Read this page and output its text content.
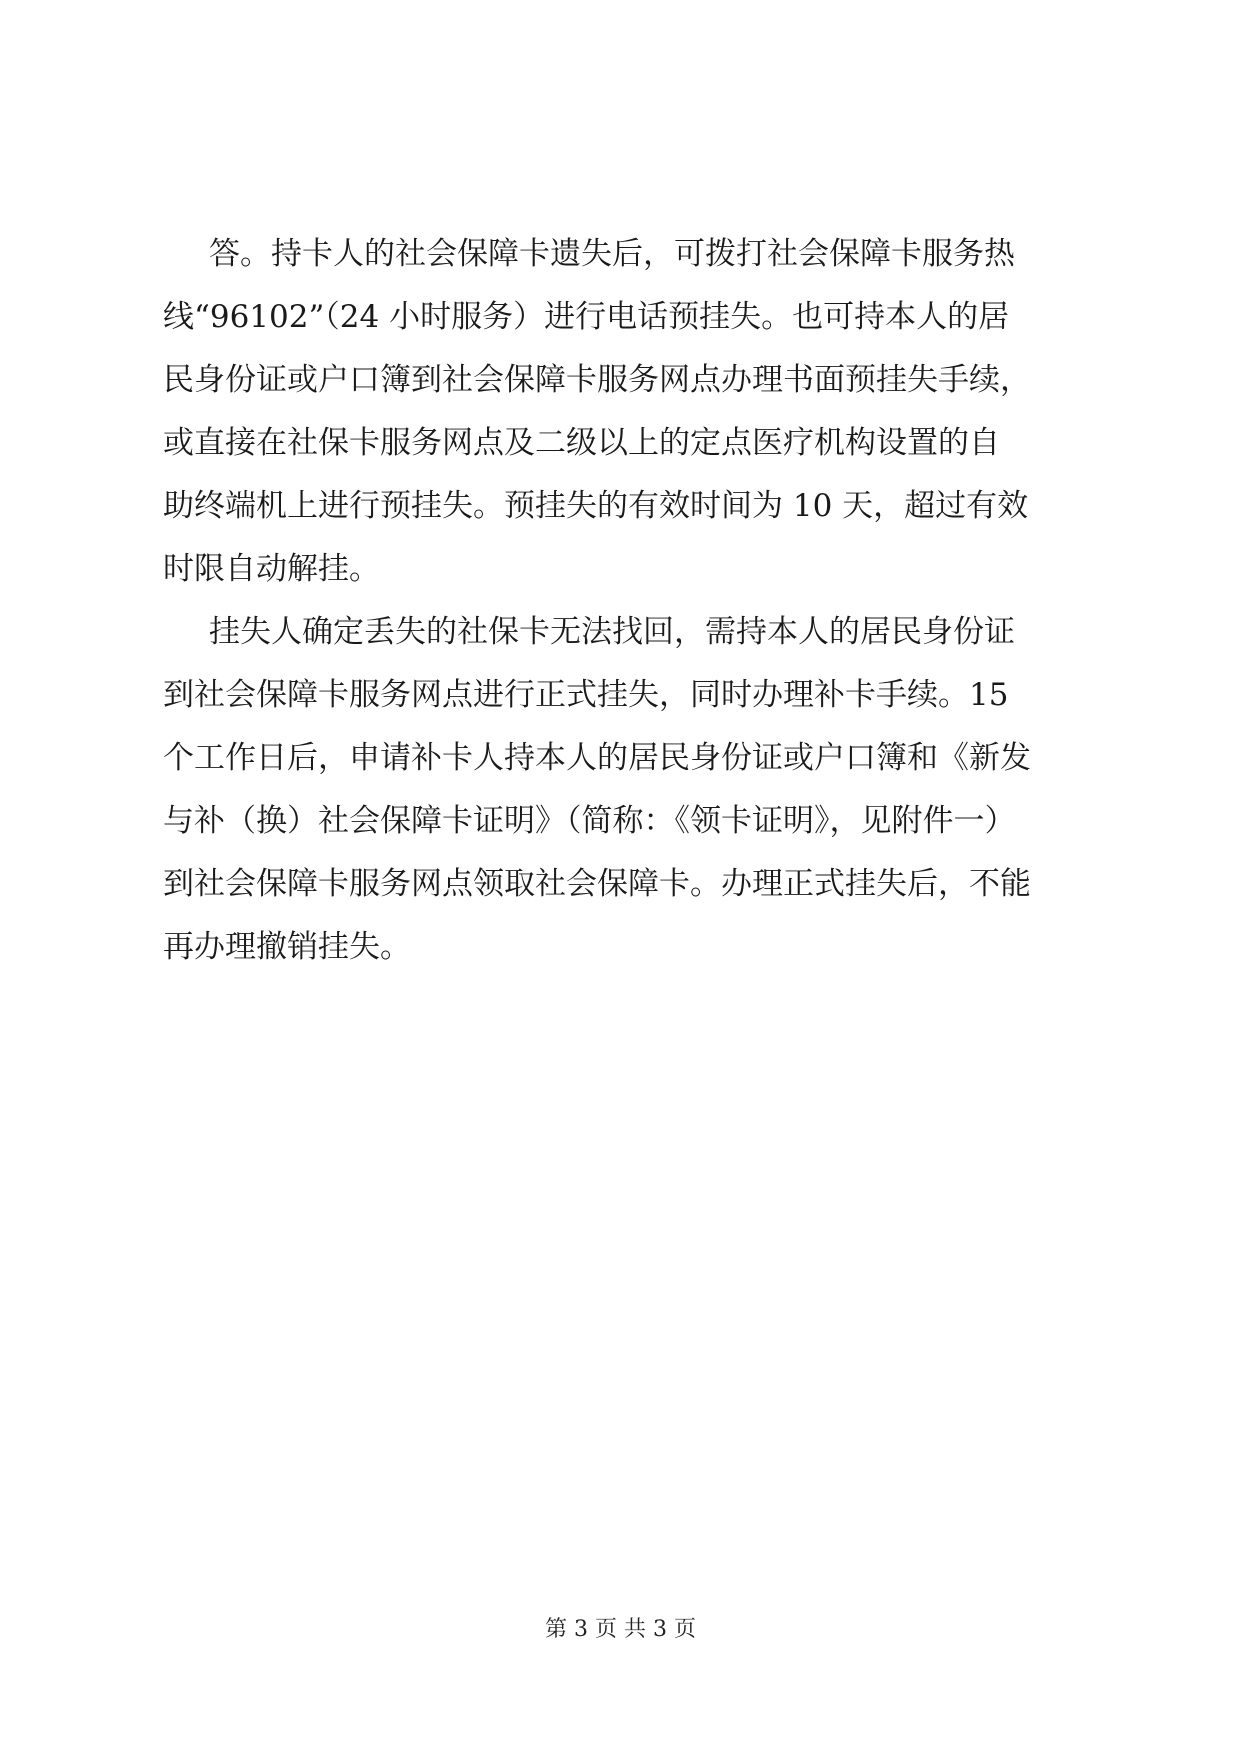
答。持卡人的社会保障卡遗失后，可拨打社会保障卡服务热
线“96102”（24 小时服务）进行电话预挂失。也可持本人的居
民身份证或户口簿到社会保障卡服务网点办理书面预挂失手续，
或直接在社保卡服务网点及二级以上的定点医疗机构设置的自
助终端机上进行预挂失。预挂失的有效时间为 10 天，超过有效
时限自动解挂。
挂失人确定丢失的社保卡无法找回，需持本人的居民身份证
到社会保障卡服务网点进行正式挂失，同时办理补卡手续。15
个工作日后，申请补卡人持本人的居民身份证或户口簿和《新发
与补（换）社会保障卡证明》（简称：《领卡证明》，见附件一）
到社会保障卡服务网点领取社会保障卡。办理正式挂失后，不能
再办理撤销挂失。
第 3 页 共 3 页
